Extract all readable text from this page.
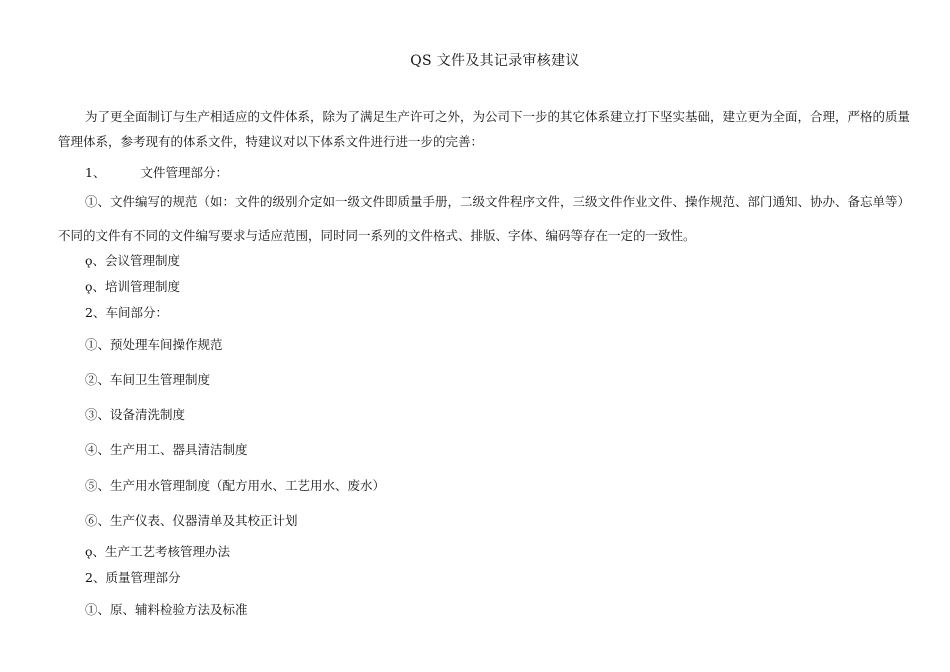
QS 文件及其记录审核建议
为了更全面制订与生产相适应的文件体系，除为了满足生产许可之外，为公司下一步的其它体系建立打下坚实基础，建立更为全面，合理，严格的质量管理体系，参考现有的体系文件，特建议对以下体系文件进行进一步的完善：
1、	文件管理部分：
①、文件编写的规范（如：文件的级别介定如一级文件即质量手册，二级文件程序文件，三级文件作业文件、操作规范、部门通知、协办、备忘单等）不同的文件有不同的文件编写要求与适应范围，同时同一系列的文件格式、排版、字体、编码等存在一定的一致性。
ǫ、会议管理制度
ǫ、培训管理制度
2、车间部分：
①、预处理车间操作规范
②、车间卫生管理制度
③、设备清洗制度
④、生产用工、器具清洁制度
⑤、生产用水管理制度（配方用水、工艺用水、废水）
⑥、生产仪表、仪器清单及其校正计划
ǫ、生产工艺考核管理办法
2、质量管理部分
①、原、辅料检验方法及标准
